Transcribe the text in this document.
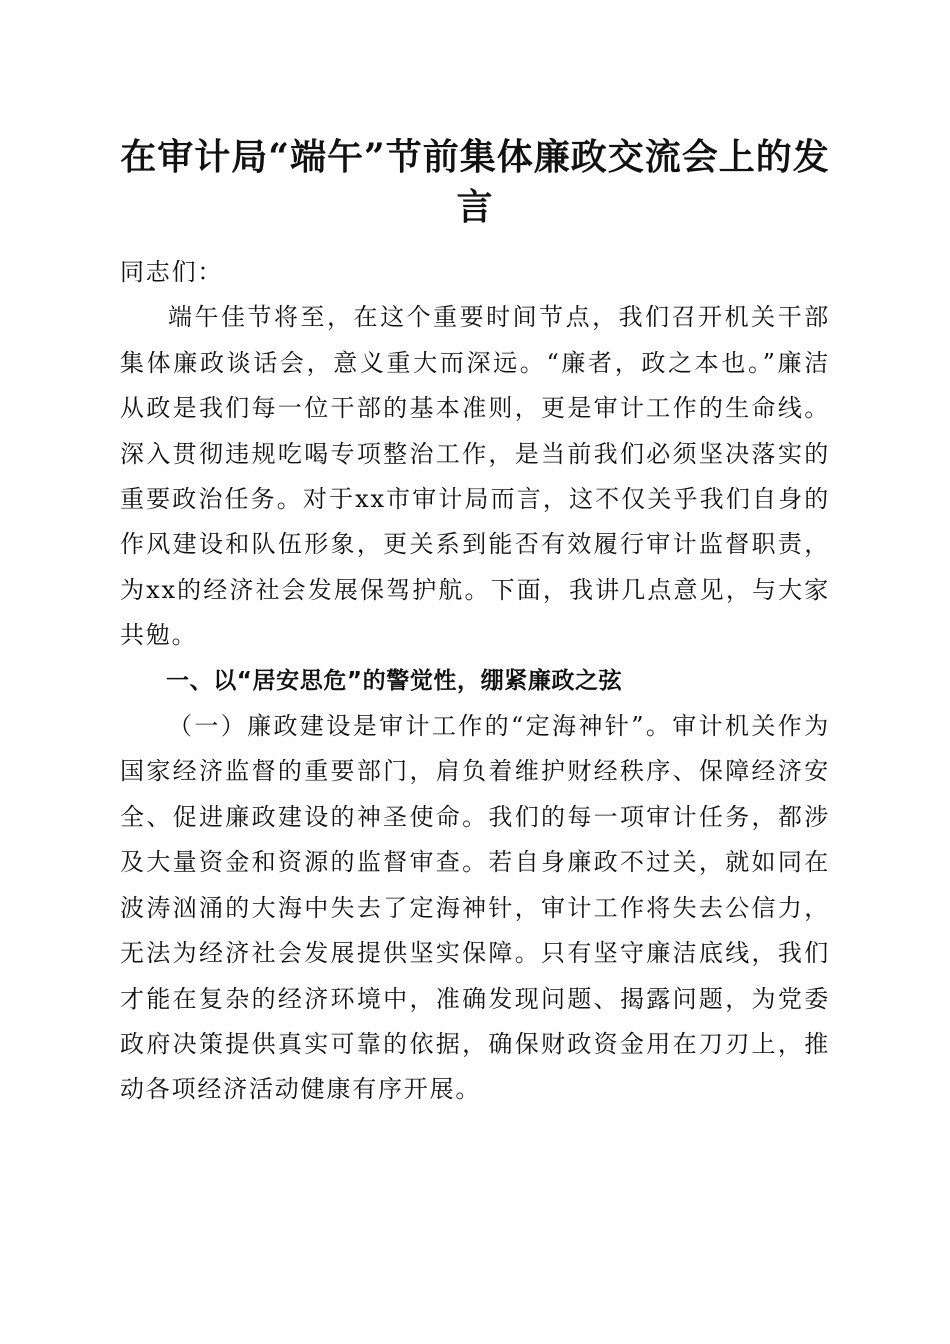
在审计局“端午”节前集体廉政交流会上的发言

同志们：

端午佳节将至，在这个重要时间节点，我们召开机关干部集体廉政谈话会，意义重大而深远。“廉者，政之本也。”廉洁从政是我们每一位干部的基本准则，更是审计工作的生命线。深入贯彻违规吃喝专项整治工作，是当前我们必须坚决落实的重要政治任务。对于xx市审计局而言，这不仅关乎我们自身的作风建设和队伍形象，更关系到能否有效履行审计监督职责，为xx的经济社会发展保驾护航。下面，我讲几点意见，与大家共勉。

一、以“居安思危”的警觉性，绷紧廉政之弦

（一）廉政建设是审计工作的“定海神针”。审计机关作为国家经济监督的重要部门，肩负着维护财经秩序、保障经济安全、促进廉政建设的神圣使命。我们的每一项审计任务，都涉及大量资金和资源的监督审查。若自身廉政不过关，就如同在波涛汹涌的大海中失去了定海神针，审计工作将失去公信力，无法为经济社会发展提供坚实保障。只有坚守廉洁底线，我们才能在复杂的经济环境中，准确发现问题、揭露问题，为党委政府决策提供真实可靠的依据，确保财政资金用在刀刃上，推动各项经济活动健康有序开展。
